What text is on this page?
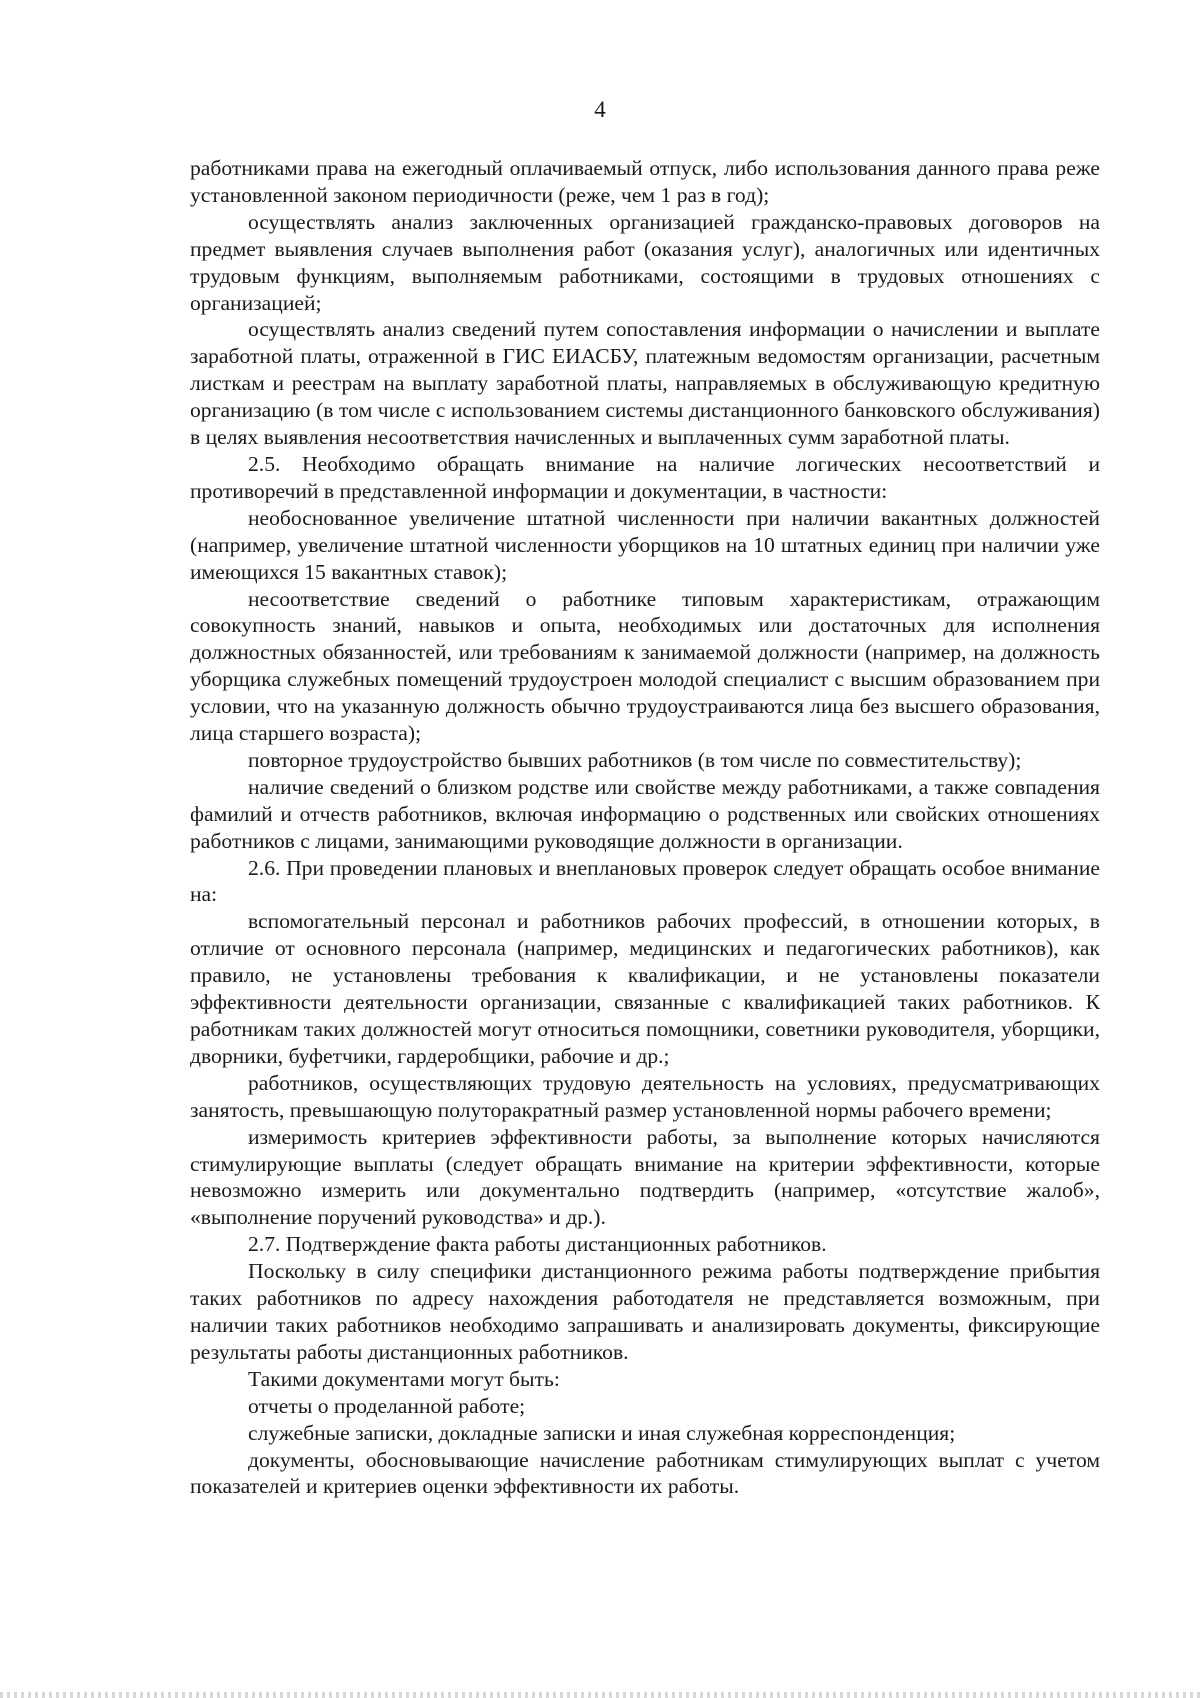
4

работниками права на ежегодный оплачиваемый отпуск, либо использования данного права реже установленной законом периодичности (реже, чем 1 раз в год);

осуществлять анализ заключенных организацией гражданско-правовых договоров на предмет выявления случаев выполнения работ (оказания услуг), аналогичных или идентичных трудовым функциям, выполняемым работниками, состоящими в трудовых отношениях с организацией;

осуществлять анализ сведений путем сопоставления информации о начислении и выплате заработной платы, отраженной в ГИС ЕИАСБУ, платежным ведомостям организации, расчетным листкам и реестрам на выплату заработной платы, направляемых в обслуживающую кредитную организацию (в том числе с использованием системы дистанционного банковского обслуживания) в целях выявления несоответствия начисленных и выплаченных сумм заработной платы.

2.5. Необходимо обращать внимание на наличие логических несоответствий и противоречий в представленной информации и документации, в частности:

необоснованное увеличение штатной численности при наличии вакантных должностей (например, увеличение штатной численности уборщиков на 10 штатных единиц при наличии уже имеющихся 15 вакантных ставок);

несоответствие сведений о работнике типовым характеристикам, отражающим совокупность знаний, навыков и опыта, необходимых или достаточных для исполнения должностных обязанностей, или требованиям к занимаемой должности (например, на должность уборщика служебных помещений трудоустроен молодой специалист с высшим образованием при условии, что на указанную должность обычно трудоустраиваются лица без высшего образования, лица старшего возраста);

повторное трудоустройство бывших работников (в том числе по совместительству);

наличие сведений о близком родстве или свойстве между работниками, а также совпадения фамилий и отчеств работников, включая информацию о родственных или свойских отношениях работников с лицами, занимающими руководящие должности в организации.

2.6. При проведении плановых и внеплановых проверок следует обращать особое внимание на:

вспомогательный персонал и работников рабочих профессий, в отношении которых, в отличие от основного персонала (например, медицинских и педагогических работников), как правило, не установлены требования к квалификации, и не установлены показатели эффективности деятельности организации, связанные с квалификацией таких работников. К работникам таких должностей могут относиться помощники, советники руководителя, уборщики, дворники, буфетчики, гардеробщики, рабочие и др.;

работников, осуществляющих трудовую деятельность на условиях, предусматривающих занятость, превышающую полуторакратный размер установленной нормы рабочего времени;

измеримость критериев эффективности работы, за выполнение которых начисляются стимулирующие выплаты (следует обращать внимание на критерии эффективности, которые невозможно измерить или документально подтвердить (например, «отсутствие жалоб», «выполнение поручений руководства» и др.).

2.7. Подтверждение факта работы дистанционных работников.

Поскольку в силу специфики дистанционного режима работы подтверждение прибытия таких работников по адресу нахождения работодателя не представляется возможным, при наличии таких работников необходимо запрашивать и анализировать документы, фиксирующие результаты работы дистанционных работников.

Такими документами могут быть:

отчеты о проделанной работе;

служебные записки, докладные записки и иная служебная корреспонденция;

документы, обосновывающие начисление работникам стимулирующих выплат с учетом показателей и критериев оценки эффективности их работы.
